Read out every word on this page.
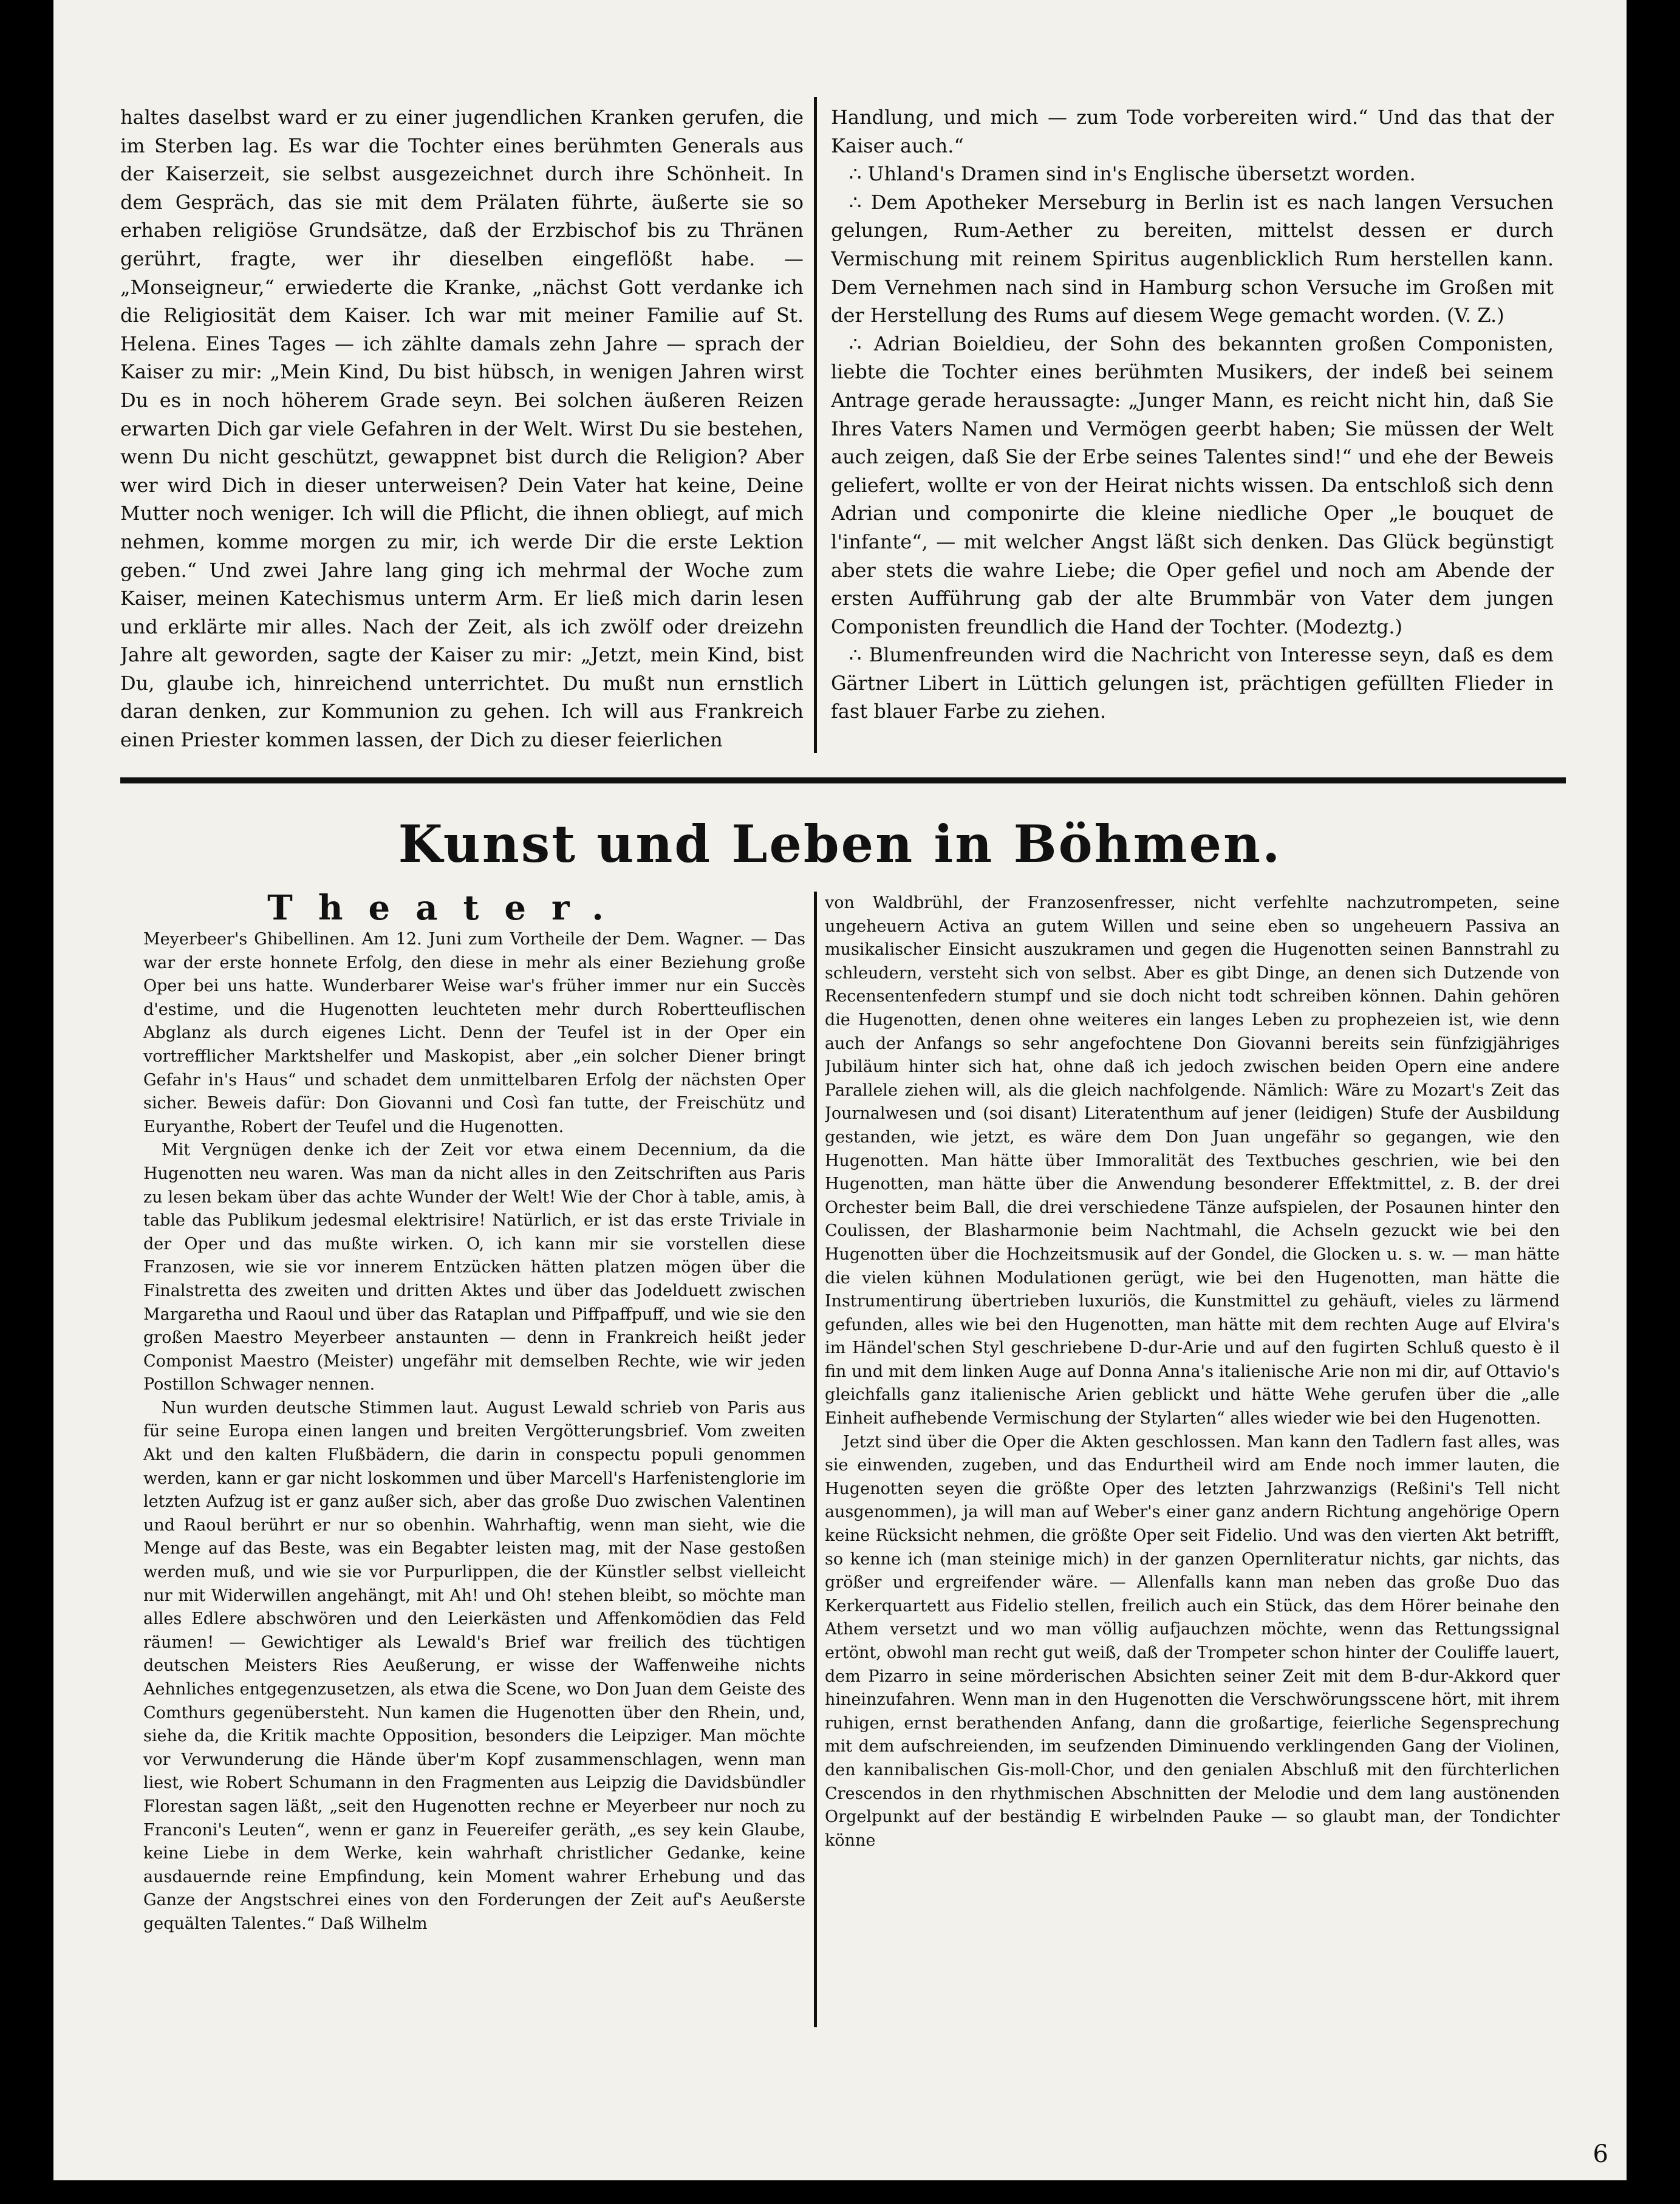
haltes daselbst ward er zu einer jugendlichen Kranken gerufen, die im Sterben lag. Es war die Tochter eines berühmten Generals aus der Kaiserzeit, sie selbst ausgezeichnet durch ihre Schönheit. In dem Gespräch, das sie mit dem Prälaten führte, äußerte sie so erhaben religiöse Grundsätze, daß der Erzbischof bis zu Thränen gerührt, fragte, wer ihr dieselben eingeflößt habe. — „Monseigneur,“ erwiederte die Kranke, „nächst Gott verdanke ich die Religiosität dem Kaiser. Ich war mit meiner Familie auf St. Helena. Eines Tages — ich zählte damals zehn Jahre — sprach der Kaiser zu mir: „Mein Kind, Du bist hübsch, in wenigen Jahren wirst Du es in noch höherem Grade seyn. Bei solchen äußeren Reizen erwarten Dich gar viele Gefahren in der Welt. Wirst Du sie bestehen, wenn Du nicht geschützt, gewappnet bist durch die Religion? Aber wer wird Dich in dieser unterweisen? Dein Vater hat keine, Deine Mutter noch weniger. Ich will die Pflicht, die ihnen obliegt, auf mich nehmen, komme morgen zu mir, ich werde Dir die erste Lektion geben.“ Und zwei Jahre lang ging ich mehrmal der Woche zum Kaiser, meinen Katechismus unterm Arm. Er ließ mich darin lesen und erklärte mir alles. Nach der Zeit, als ich zwölf oder dreizehn Jahre alt geworden, sagte der Kaiser zu mir: „Jetzt, mein Kind, bist Du, glaube ich, hinreichend unterrichtet. Du mußt nun ernstlich daran denken, zur Kommunion zu gehen. Ich will aus Frankreich einen Priester kommen lassen, der Dich zu dieser feierlichen

Handlung, und mich — zum Tode vorbereiten wird.“ Und das that der Kaiser auch.“

∴ Uhland's Dramen sind in's Englische übersetzt worden.

∴ Dem Apotheker Merseburg in Berlin ist es nach langen Versuchen gelungen, Rum-Aether zu bereiten, mittelst dessen er durch Vermischung mit reinem Spiritus augenblicklich Rum herstellen kann. Dem Vernehmen nach sind in Hamburg schon Versuche im Großen mit der Herstellung des Rums auf diesem Wege gemacht worden. (V. Z.)

∴ Adrian Boieldieu, der Sohn des bekannten großen Componisten, liebte die Tochter eines berühmten Musikers, der indeß bei seinem Antrage gerade heraussagte: „Junger Mann, es reicht nicht hin, daß Sie Ihres Vaters Namen und Vermögen geerbt haben; Sie müssen der Welt auch zeigen, daß Sie der Erbe seines Talentes sind!“ und ehe der Beweis geliefert, wollte er von der Heirat nichts wissen. Da entschloß sich denn Adrian und componirte die kleine niedliche Oper „le bouquet de l'infante“, — mit welcher Angst läßt sich denken. Das Glück begünstigt aber stets die wahre Liebe; die Oper gefiel und noch am Abende der ersten Aufführung gab der alte Brummbär von Vater dem jungen Componisten freundlich die Hand der Tochter. (Modeztg.)

∴ Blumenfreunden wird die Nachricht von Interesse seyn, daß es dem Gärtner Libert in Lüttich gelungen ist, prächtigen gefüllten Flieder in fast blauer Farbe zu ziehen.

Kunst und Leben in Böhmen.
Theater.

Meyerbeer's Ghibellinen. Am 12. Juni zum Vortheile der Dem. Wagner. — Das war der erste honnete Erfolg, den diese in mehr als einer Beziehung große Oper bei uns hatte. Wunderbarer Weise war's früher immer nur ein Succès d'estime, und die Hugenotten leuchteten mehr durch Robertteuflischen Abglanz als durch eigenes Licht. Denn der Teufel ist in der Oper ein vortrefflicher Marktshelfer und Maskopist, aber „ein solcher Diener bringt Gefahr in's Haus“ und schadet dem unmittelbaren Erfolg der nächsten Oper sicher. Beweis dafür: Don Giovanni und Così fan tutte, der Freischütz und Euryanthe, Robert der Teufel und die Hugenotten.

Mit Vergnügen denke ich der Zeit vor etwa einem Decennium, da die Hugenotten neu waren. Was man da nicht alles in den Zeitschriften aus Paris zu lesen bekam über das achte Wunder der Welt! Wie der Chor à table, amis, à table das Publikum jedesmal elektrisire! Natürlich, er ist das erste Triviale in der Oper und das mußte wirken. O, ich kann mir sie vorstellen diese Franzosen, wie sie vor innerem Entzücken hätten platzen mögen über die Finalstretta des zweiten und dritten Aktes und über das Jodelduett zwischen Margaretha und Raoul und über das Rataplan und Piffpaffpuff, und wie sie den großen Maestro Meyerbeer anstaunten — denn in Frankreich heißt jeder Componist Maestro (Meister) ungefähr mit demselben Rechte, wie wir jeden Postillon Schwager nennen.

Nun wurden deutsche Stimmen laut. August Lewald schrieb von Paris aus für seine Europa einen langen und breiten Vergötterungsbrief. Vom zweiten Akt und den kalten Flußbädern, die darin in conspectu populi genommen werden, kann er gar nicht loskommen und über Marcell's Harfenistenglorie im letzten Aufzug ist er ganz außer sich, aber das große Duo zwischen Valentinen und Raoul berührt er nur so obenhin. Wahrhaftig, wenn man sieht, wie die Menge auf das Beste, was ein Begabter leisten mag, mit der Nase gestoßen werden muß, und wie sie vor Purpurlippen, die der Künstler selbst vielleicht nur mit Widerwillen angehängt, mit Ah! und Oh! stehen bleibt, so möchte man alles Edlere abschwören und den Leierkästen und Affenkomödien das Feld räumen! — Gewichtiger als Lewald's Brief war freilich des tüchtigen deutschen Meisters Ries Aeußerung, er wisse der Waffenweihe nichts Aehnliches entgegenzusetzen, als etwa die Scene, wo Don Juan dem Geiste des Comthurs gegenübersteht. Nun kamen die Hugenotten über den Rhein, und, siehe da, die Kritik machte Opposition, besonders die Leipziger. Man möchte vor Verwunderung die Hände über'm Kopf zusammenschlagen, wenn man liest, wie Robert Schumann in den Fragmenten aus Leipzig die Davidsbündler Florestan sagen läßt, „seit den Hugenotten rechne er Meyerbeer nur noch zu Franconi's Leuten“, wenn er ganz in Feuereifer geräth, „es sey kein Glaube, keine Liebe in dem Werke, kein wahrhaft christlicher Gedanke, keine ausdauernde reine Empfindung, kein Moment wahrer Erhebung und das Ganze der Angstschrei eines von den Forderungen der Zeit auf's Aeußerste gequälten Talentes.“ Daß Wilhelm

von Waldbrühl, der Franzosenfresser, nicht verfehlte nachzutrompeten, seine ungeheuern Activa an gutem Willen und seine eben so ungeheuern Passiva an musikalischer Einsicht auszukramen und gegen die Hugenotten seinen Bannstrahl zu schleudern, versteht sich von selbst. Aber es gibt Dinge, an denen sich Dutzende von Recensentenfedern stumpf und sie doch nicht todt schreiben können. Dahin gehören die Hugenotten, denen ohne weiteres ein langes Leben zu prophezeien ist, wie denn auch der Anfangs so sehr angefochtene Don Giovanni bereits sein fünfzigjähriges Jubiläum hinter sich hat, ohne daß ich jedoch zwischen beiden Opern eine andere Parallele ziehen will, als die gleich nachfolgende. Nämlich: Wäre zu Mozart's Zeit das Journalwesen und (soi disant) Literatenthum auf jener (leidigen) Stufe der Ausbildung gestanden, wie jetzt, es wäre dem Don Juan ungefähr so gegangen, wie den Hugenotten. Man hätte über Immoralität des Textbuches geschrien, wie bei den Hugenotten, man hätte über die Anwendung besonderer Effektmittel, z. B. der drei Orchester beim Ball, die drei verschiedene Tänze aufspielen, der Posaunen hinter den Coulissen, der Blasharmonie beim Nachtmahl, die Achseln gezuckt wie bei den Hugenotten über die Hochzeitsmusik auf der Gondel, die Glocken u. s. w. — man hätte die vielen kühnen Modulationen gerügt, wie bei den Hugenotten, man hätte die Instrumentirung übertrieben luxuriös, die Kunstmittel zu gehäuft, vieles zu lärmend gefunden, alles wie bei den Hugenotten, man hätte mit dem rechten Auge auf Elvira's im Händel'schen Styl geschriebene D-dur-Arie und auf den fugirten Schluß questo è il fin und mit dem linken Auge auf Donna Anna's italienische Arie non mi dir, auf Ottavio's gleichfalls ganz italienische Arien geblickt und hätte Wehe gerufen über die „alle Einheit aufhebende Vermischung der Stylarten“ alles wieder wie bei den Hugenotten.

Jetzt sind über die Oper die Akten geschlossen. Man kann den Tadlern fast alles, was sie einwenden, zugeben, und das Endurtheil wird am Ende noch immer lauten, die Hugenotten seyen die größte Oper des letzten Jahrzwanzigs (Reßini's Tell nicht ausgenommen), ja will man auf Weber's einer ganz andern Richtung angehörige Opern keine Rücksicht nehmen, die größte Oper seit Fidelio. Und was den vierten Akt betrifft, so kenne ich (man steinige mich) in der ganzen Opernliteratur nichts, gar nichts, das größer und ergreifender wäre. — Allenfalls kann man neben das große Duo das Kerkerquartett aus Fidelio stellen, freilich auch ein Stück, das dem Hörer beinahe den Athem versetzt und wo man völlig aufjauchzen möchte, wenn das Rettungssignal ertönt, obwohl man recht gut weiß, daß der Trompeter schon hinter der Couliffe lauert, dem Pizarro in seine mörderischen Absichten seiner Zeit mit dem B-dur-Akkord quer hineinzufahren. Wenn man in den Hugenotten die Verschwörungsscene hört, mit ihrem ruhigen, ernst berathenden Anfang, dann die großartige, feierliche Segensprechung mit dem aufschreienden, im seufzenden Diminuendo verklingenden Gang der Violinen, den kannibalischen Gis-moll-Chor, und den genialen Abschluß mit den fürchterlichen Crescendos in den rhythmischen Abschnitten der Melodie und dem lang austönenden Orgelpunkt auf der beständig E wirbelnden Pauke — so glaubt man, der Tondichter könne

6
